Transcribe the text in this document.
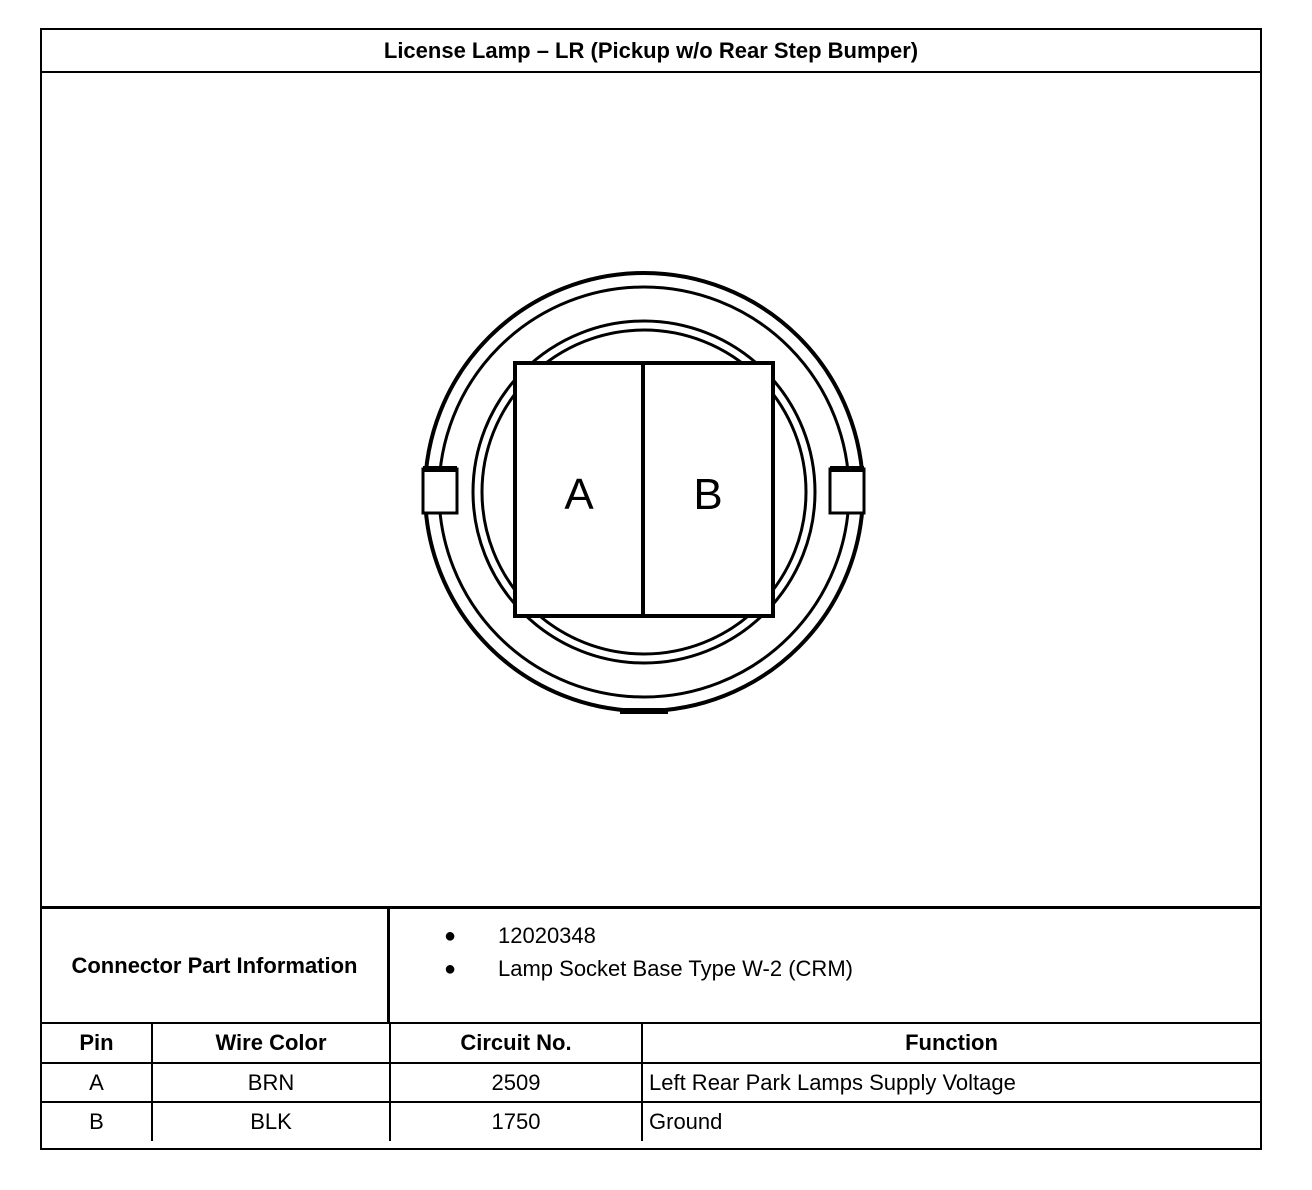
License Lamp – LR (Pickup w/o Rear Step Bumper)
A B
Connector Part Information
● 12020348
● Lamp Socket Base Type W-2 (CRM)
Pin	Wire Color	Circuit No.	Function
A	BRN	2509	Left Rear Park Lamps Supply Voltage
B	BLK	1750	Ground
